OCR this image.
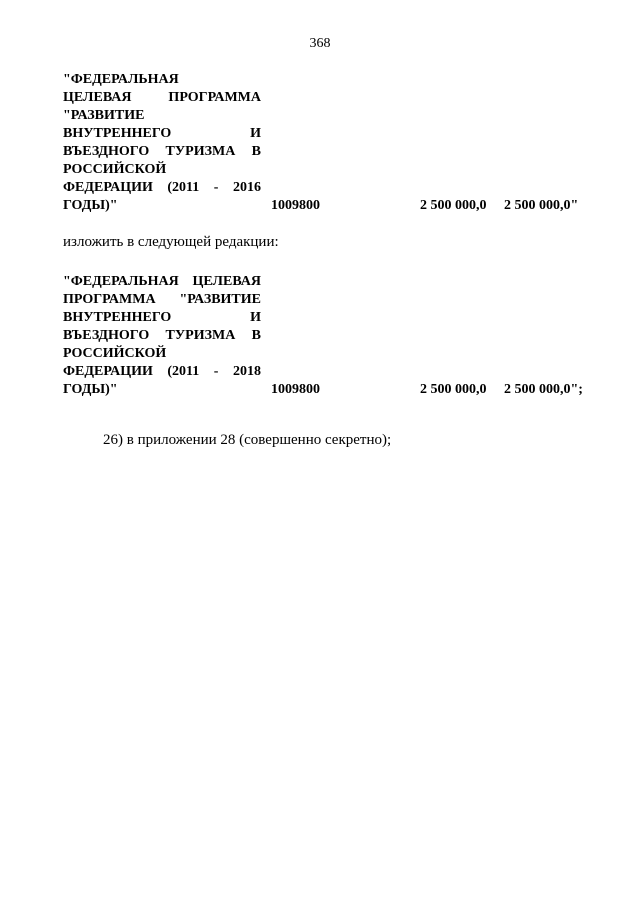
368
"ФЕДЕРАЛЬНАЯ
ЦЕЛЕВАЯ ПРОГРАММА
"РАЗВИТИЕ
ВНУТРЕННЕГО И
ВЪЕЗДНОГО ТУРИЗМА В
РОССИЙСКОЙ
ФЕДЕРАЦИИ (2011 - 2016
ГОДЫ)"	1009800	2 500 000,0 2 500 000,0"
изложить в следующей редакции:
"ФЕДЕРАЛЬНАЯ ЦЕЛЕВАЯ
ПРОГРАММА "РАЗВИТИЕ
ВНУТРЕННЕГО И
ВЪЕЗДНОГО ТУРИЗМА В
РОССИЙСКОЙ
ФЕДЕРАЦИИ (2011 - 2018
ГОДЫ)"	1009800	2 500 000,0 2 500 000,0";
26) в приложении 28 (совершенно секретно);
